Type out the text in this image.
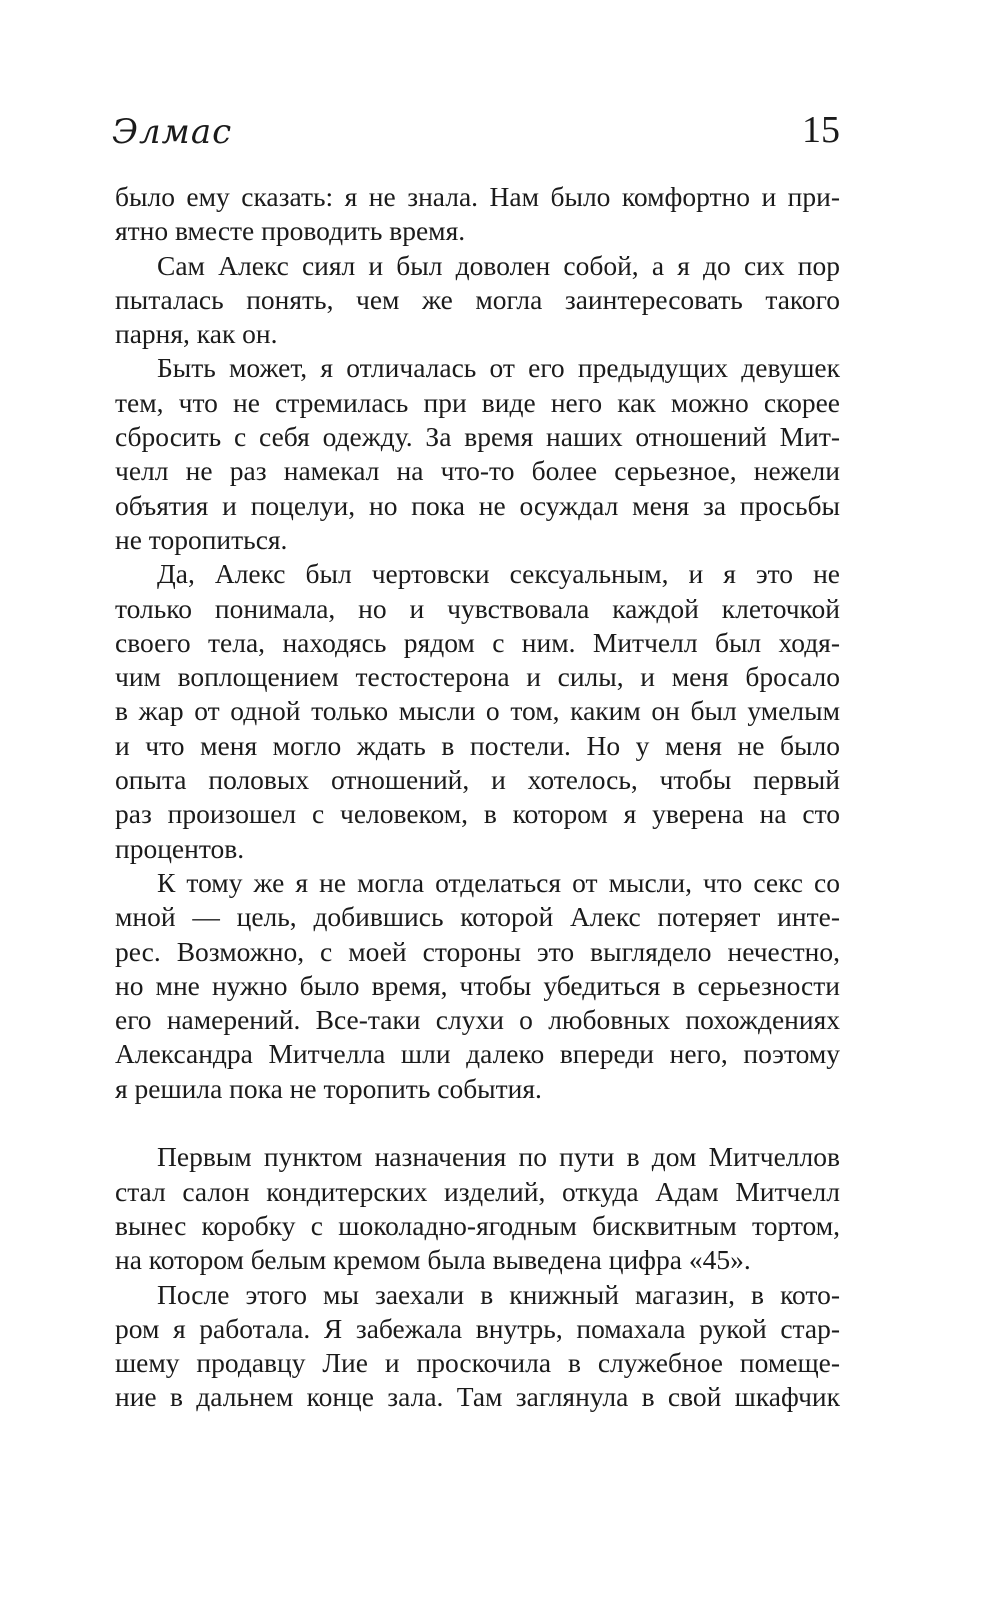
Элмас	15
было ему сказать: я не знала. Нам было комфортно и при-
ятно вместе проводить время.
Сам Алекс сиял и был доволен собой, а я до сих пор
пыталась понять, чем же могла заинтересовать такого
парня, как он.
Быть может, я отличалась от его предыдущих девушек
тем, что не стремилась при виде него как можно скорее
сбросить с себя одежду. За время наших отношений Мит-
челл не раз намекал на что-то более серьезное, нежели
объятия и поцелуи, но пока не осуждал меня за просьбы
не торопиться.
Да, Алекс был чертовски сексуальным, и я это не
только понимала, но и чувствовала каждой клеточкой
своего тела, находясь рядом с ним. Митчелл был ходя-
чим воплощением тестостерона и силы, и меня бросало
в жар от одной только мысли о том, каким он был умелым
и что меня могло ждать в постели. Но у меня не было
опыта половых отношений, и хотелось, чтобы первый
раз произошел с человеком, в котором я уверена на сто
процентов.
К тому же я не могла отделаться от мысли, что секс со
мной — цель, добившись которой Алекс потеряет инте-
рес. Возможно, с моей стороны это выглядело нечестно,
но мне нужно было время, чтобы убедиться в серьезности
его намерений. Все-таки слухи о любовных похождениях
Александра Митчелла шли далеко впереди него, поэтому
я решила пока не торопить события.
Первым пунктом назначения по пути в дом Митчеллов
стал салон кондитерских изделий, откуда Адам Митчелл
вынес коробку с шоколадно-ягодным бисквитным тортом,
на котором белым кремом была выведена цифра «45».
После этого мы заехали в книжный магазин, в кото-
ром я работала. Я забежала внутрь, помахала рукой стар-
шему продавцу Лие и проскочила в служебное помеще-
ние в дальнем конце зала. Там заглянула в свой шкафчик
